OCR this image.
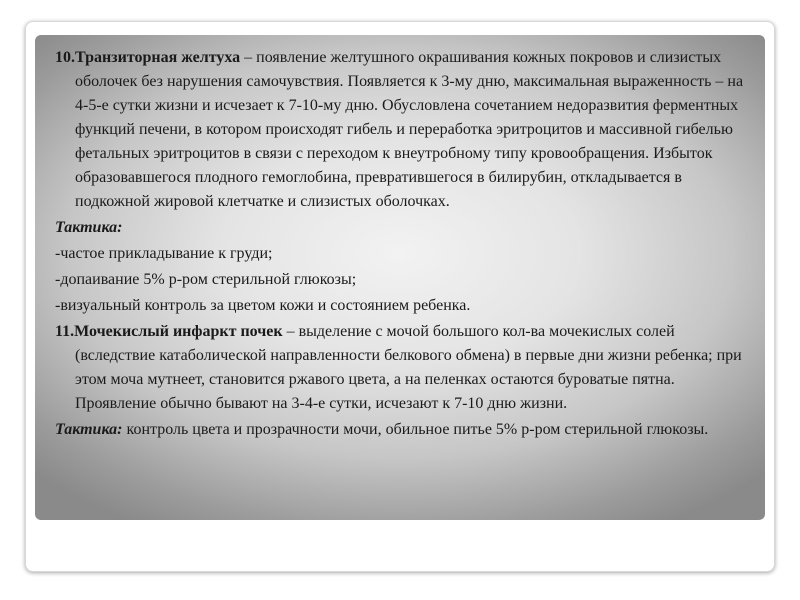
10.Транзиторная желтуха – появление желтушного окрашивания кожных покровов и слизистых оболочек без нарушения самочувствия. Появляется к 3-му дню, максимальная выраженность – на 4-5-е сутки жизни и исчезает к 7-10-му дню. Обусловлена сочетанием недоразвития ферментных функций печени, в котором происходят гибель и переработка эритроцитов и массивной гибелью фетальных эритроцитов в связи с переходом к внеутробному типу кровообращения. Избыток образовавшегося плодного гемоглобина, превратившегося в билирубин, откладывается в подкожной жировой клетчатке и слизистых оболочках.

Тактика:

-частое прикладывание к груди;

-допаивание 5% р-ром стерильной глюкозы;

-визуальный контроль за цветом кожи и состоянием ребенка.

11.Мочекислый инфаркт почек – выделение с мочой большого кол-ва мочекислых солей (вследствие катаболической направленности белкового обмена) в первые дни жизни ребенка; при этом моча мутнеет, становится ржавого цвета, а на пеленках остаются буроватые пятна. Проявление обычно бывают на 3-4-е сутки, исчезают к 7-10 дню жизни.

Тактика: контроль цвета и прозрачности мочи, обильное питье 5% р-ром стерильной глюкозы.
